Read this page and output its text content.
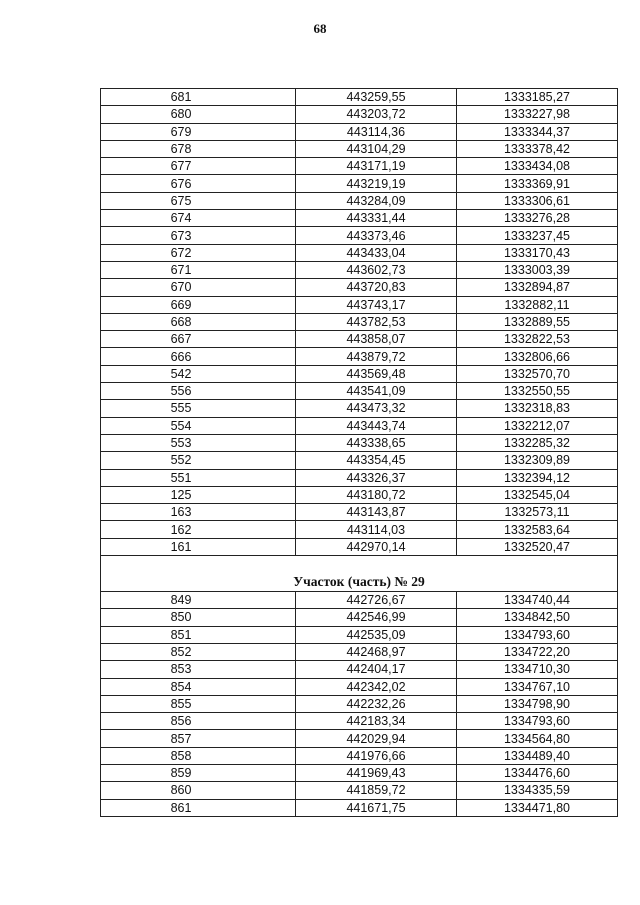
68
681	443259,55	1333185,27
680	443203,72	1333227,98
679	443114,36	1333344,37
678	443104,29	1333378,42
677	443171,19	1333434,08
676	443219,19	1333369,91
675	443284,09	1333306,61
674	443331,44	1333276,28
673	443373,46	1333237,45
672	443433,04	1333170,43
671	443602,73	1333003,39
670	443720,83	1332894,87
669	443743,17	1332882,11
668	443782,53	1332889,55
667	443858,07	1332822,53
666	443879,72	1332806,66
542	443569,48	1332570,70
556	443541,09	1332550,55
555	443473,32	1332318,83
554	443443,74	1332212,07
553	443338,65	1332285,32
552	443354,45	1332309,89
551	443326,37	1332394,12
125	443180,72	1332545,04
163	443143,87	1332573,11
162	443114,03	1332583,64
161	442970,14	1332520,47
Участок (часть) № 29		
849	442726,67	1334740,44
850	442546,99	1334842,50
851	442535,09	1334793,60
852	442468,97	1334722,20
853	442404,17	1334710,30
854	442342,02	1334767,10
855	442232,26	1334798,90
856	442183,34	1334793,60
857	442029,94	1334564,80
858	441976,66	1334489,40
859	441969,43	1334476,60
860	441859,72	1334335,59
861	441671,75	1334471,80
